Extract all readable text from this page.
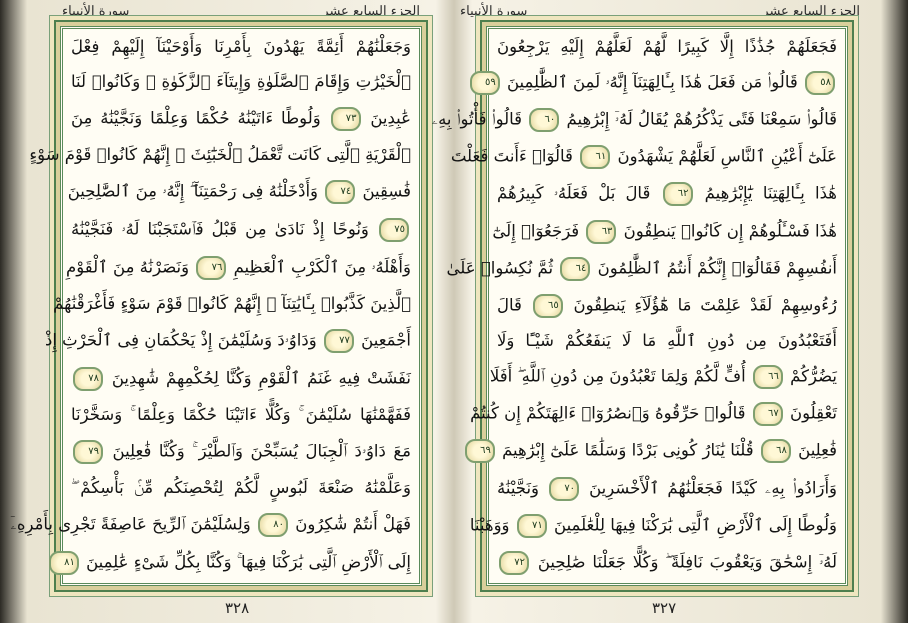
الجزء السابع عشر
سورة الأنبياء
وَجَعَلْنَٰهُمْ أَئِمَّةً يَهْدُونَ بِأَمْرِنَا وَأَوْحَيْنَآ إِلَيْهِمْ فِعْلَ
ٱلْخَيْرَٰتِ وَإِقَامَ ٱلصَّلَوٰةِ وَإِيتَآءَ ٱلزَّكَوٰةِ ۖ وَكَانُوا۟ لَنَا
عَٰبِدِينَ ٧٣ وَلُوطًا ءَاتَيْنَٰهُ حُكْمًا وَعِلْمًا وَنَجَّيْنَٰهُ مِنَ
ٱلْقَرْيَةِ ٱلَّتِى كَانَت تَّعْمَلُ ٱلْخَبَٰٓئِثَ ۗ إِنَّهُمْ كَانُوا۟ قَوْمَ سَوْءٍ
فَٰسِقِينَ ٧٤ وَأَدْخَلْنَٰهُ فِى رَحْمَتِنَآ ۖ إِنَّهُۥ مِنَ ٱلصَّٰلِحِينَ
٧٥ وَنُوحًا إِذْ نَادَىٰ مِن قَبْلُ فَٱسْتَجَبْنَا لَهُۥ فَنَجَّيْنَٰهُ
وَأَهْلَهُۥ مِنَ ٱلْكَرْبِ ٱلْعَظِيمِ ٧٦ وَنَصَرْنَٰهُ مِنَ ٱلْقَوْمِ
ٱلَّذِينَ كَذَّبُوا۟ بِـَٔايَٰتِنَآ ۚ إِنَّهُمْ كَانُوا۟ قَوْمَ سَوْءٍ فَأَغْرَقْنَٰهُمْ
أَجْمَعِينَ ٧٧ وَدَاوُۥدَ وَسُلَيْمَٰنَ إِذْ يَحْكُمَانِ فِى ٱلْحَرْثِ إِذْ
نَفَشَتْ فِيهِ غَنَمُ ٱلْقَوْمِ وَكُنَّا لِحُكْمِهِمْ شَٰهِدِينَ ٧٨
فَفَهَّمْنَٰهَا سُلَيْمَٰنَ ۚ وَكُلًّا ءَاتَيْنَا حُكْمًا وَعِلْمًا ۚ وَسَخَّرْنَا
مَعَ دَاوُۥدَ ٱلْجِبَالَ يُسَبِّحْنَ وَٱلطَّيْرَ ۚ وَكُنَّا فَٰعِلِينَ ٧٩
وَعَلَّمْنَٰهُ صَنْعَةَ لَبُوسٍ لَّكُمْ لِتُحْصِنَكُم مِّنۢ بَأْسِكُمْ ۖ
فَهَلْ أَنتُمْ شَٰكِرُونَ ٨٠ وَلِسُلَيْمَٰنَ ٱلرِّيحَ عَاصِفَةً تَجْرِى بِأَمْرِهِۦٓ
إِلَى ٱلْأَرْضِ ٱلَّتِى بَٰرَكْنَا فِيهَا ۚ وَكُنَّا بِكُلِّ شَىْءٍ عَٰلِمِينَ ٨١
٣٢٨
الجزء السابع عشر
سورة الأنبياء
فَجَعَلَهُمْ جُذَٰذًا إِلَّا كَبِيرًا لَّهُمْ لَعَلَّهُمْ إِلَيْهِ يَرْجِعُونَ
٥٨ قَالُوا۟ مَن فَعَلَ هَٰذَا بِـَٔالِهَتِنَآ إِنَّهُۥ لَمِنَ ٱلظَّٰلِمِينَ ٥٩
قَالُوا۟ سَمِعْنَا فَتًى يَذْكُرُهُمْ يُقَالُ لَهُۥٓ إِبْرَٰهِيمُ ٦٠ قَالُوا۟ فَأْتُوا۟ بِهِۦ
عَلَىٰٓ أَعْيُنِ ٱلنَّاسِ لَعَلَّهُمْ يَشْهَدُونَ ٦١ قَالُوٓا۟ ءَأَنتَ فَعَلْتَ
هَٰذَا بِـَٔالِهَتِنَا يَٰٓإِبْرَٰهِيمُ ٦٢ قَالَ بَلْ فَعَلَهُۥ كَبِيرُهُمْ
هَٰذَا فَسْـَٔلُوهُمْ إِن كَانُوا۟ يَنطِقُونَ ٦٣ فَرَجَعُوٓا۟ إِلَىٰٓ
أَنفُسِهِمْ فَقَالُوٓا۟ إِنَّكُمْ أَنتُمُ ٱلظَّٰلِمُونَ ٦٤ ثُمَّ نُكِسُوا۟ عَلَىٰ
رُءُوسِهِمْ لَقَدْ عَلِمْتَ مَا هَٰٓؤُلَآءِ يَنطِقُونَ ٦٥ قَالَ
أَفَتَعْبُدُونَ مِن دُونِ ٱللَّهِ مَا لَا يَنفَعُكُمْ شَيْـًٔا وَلَا
يَضُرُّكُمْ ٦٦ أُفٍّ لَّكُمْ وَلِمَا تَعْبُدُونَ مِن دُونِ ٱللَّهِ ۖ أَفَلَا
تَعْقِلُونَ ٦٧ قَالُوا۟ حَرِّقُوهُ وَٱنصُرُوٓا۟ ءَالِهَتَكُمْ إِن كُنتُمْ
فَٰعِلِينَ ٦٨ قُلْنَا يَٰنَارُ كُونِى بَرْدًا وَسَلَٰمًا عَلَىٰٓ إِبْرَٰهِيمَ ٦٩
وَأَرَادُوا۟ بِهِۦ كَيْدًا فَجَعَلْنَٰهُمُ ٱلْأَخْسَرِينَ ٧٠ وَنَجَّيْنَٰهُ
وَلُوطًا إِلَى ٱلْأَرْضِ ٱلَّتِى بَٰرَكْنَا فِيهَا لِلْعَٰلَمِينَ ٧١ وَوَهَبْنَا
لَهُۥٓ إِسْحَٰقَ وَيَعْقُوبَ نَافِلَةً ۖ وَكُلًّا جَعَلْنَا صَٰلِحِينَ ٧٢
٣٢٧
